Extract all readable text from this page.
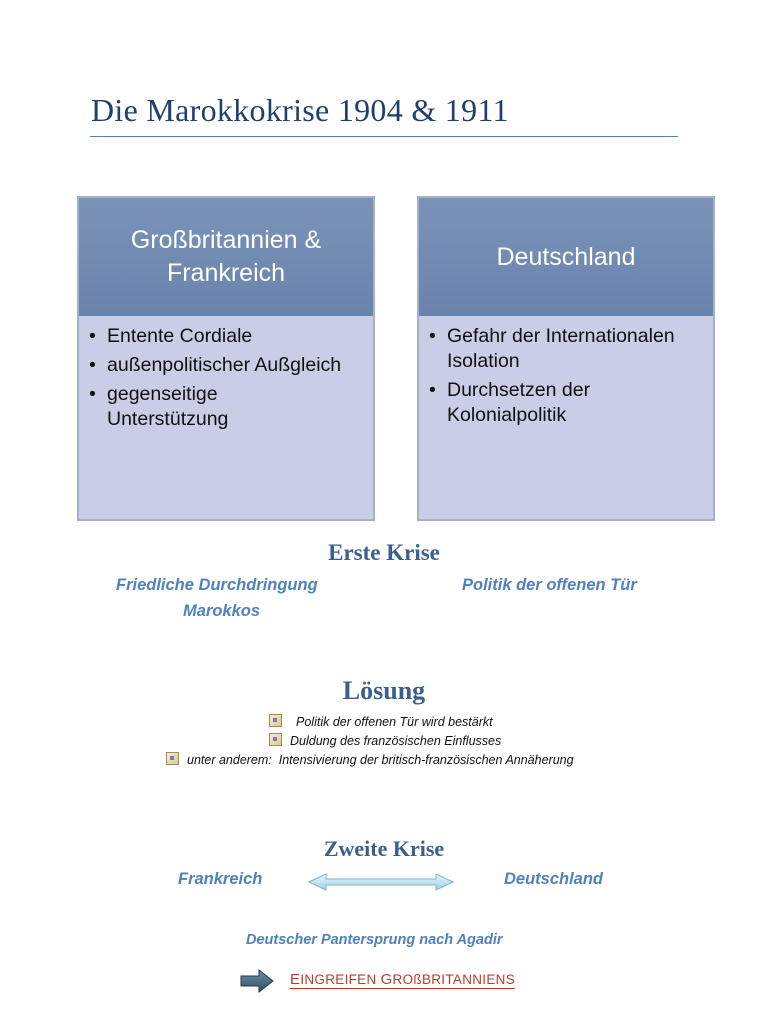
Die Marokkokrise 1904 & 1911
Großbritannien & Frankreich
• Entente Cordiale
• außenpolitischer Außgleich
• gegenseitige Unterstützung
Deutschland
• Gefahr der Internationalen Isolation
• Durchsetzen der Kolonialpolitik
Erste Krise
Friedliche Durchdringung
Marokkos
Politik der offenen Tür
Lösung
Politik der offenen Tür wird bestärkt
Duldung des französischen Einflusses
unter anderem:  Intensivierung der britisch-französischen Annäherung
Zweite Krise
Frankreich	Deutschland
Deutscher Pantersprung nach Agadir
EINGREIFEN GROßBRITANNIENS
